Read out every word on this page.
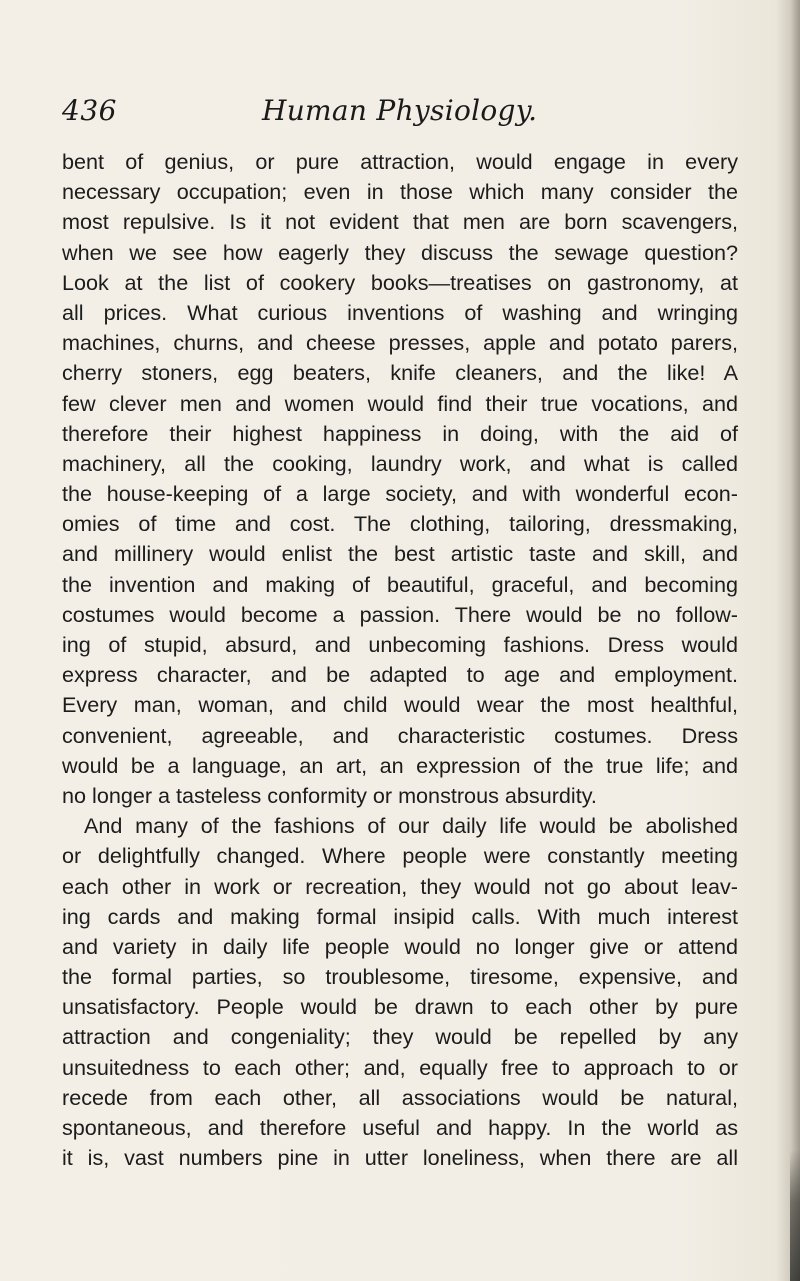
436	Human Physiology.
bent of genius, or pure attraction, would engage in every
necessary occupation; even in those which many consider the
most repulsive. Is it not evident that men are born scavengers,
when we see how eagerly they discuss the sewage question?
Look at the list of cookery books—treatises on gastronomy, at
all prices. What curious inventions of washing and wringing
machines, churns, and cheese presses, apple and potato parers,
cherry stoners, egg beaters, knife cleaners, and the like! A
few clever men and women would find their true vocations, and
therefore their highest happiness in doing, with the aid of
machinery, all the cooking, laundry work, and what is called
the house-keeping of a large society, and with wonderful econ-
omies of time and cost. The clothing, tailoring, dressmaking,
and millinery would enlist the best artistic taste and skill, and
the invention and making of beautiful, graceful, and becoming
costumes would become a passion. There would be no follow-
ing of stupid, absurd, and unbecoming fashions. Dress would
express character, and be adapted to age and employment.
Every man, woman, and child would wear the most healthful,
convenient, agreeable, and characteristic costumes. Dress
would be a language, an art, an expression of the true life; and
no longer a tasteless conformity or monstrous absurdity.
And many of the fashions of our daily life would be abolished
or delightfully changed. Where people were constantly meeting
each other in work or recreation, they would not go about leav-
ing cards and making formal insipid calls. With much interest
and variety in daily life people would no longer give or attend
the formal parties, so troublesome, tiresome, expensive, and
unsatisfactory. People would be drawn to each other by pure
attraction and congeniality; they would be repelled by any
unsuitedness to each other; and, equally free to approach to or
recede from each other, all associations would be natural,
spontaneous, and therefore useful and happy. In the world as
it is, vast numbers pine in utter loneliness, when there are all
